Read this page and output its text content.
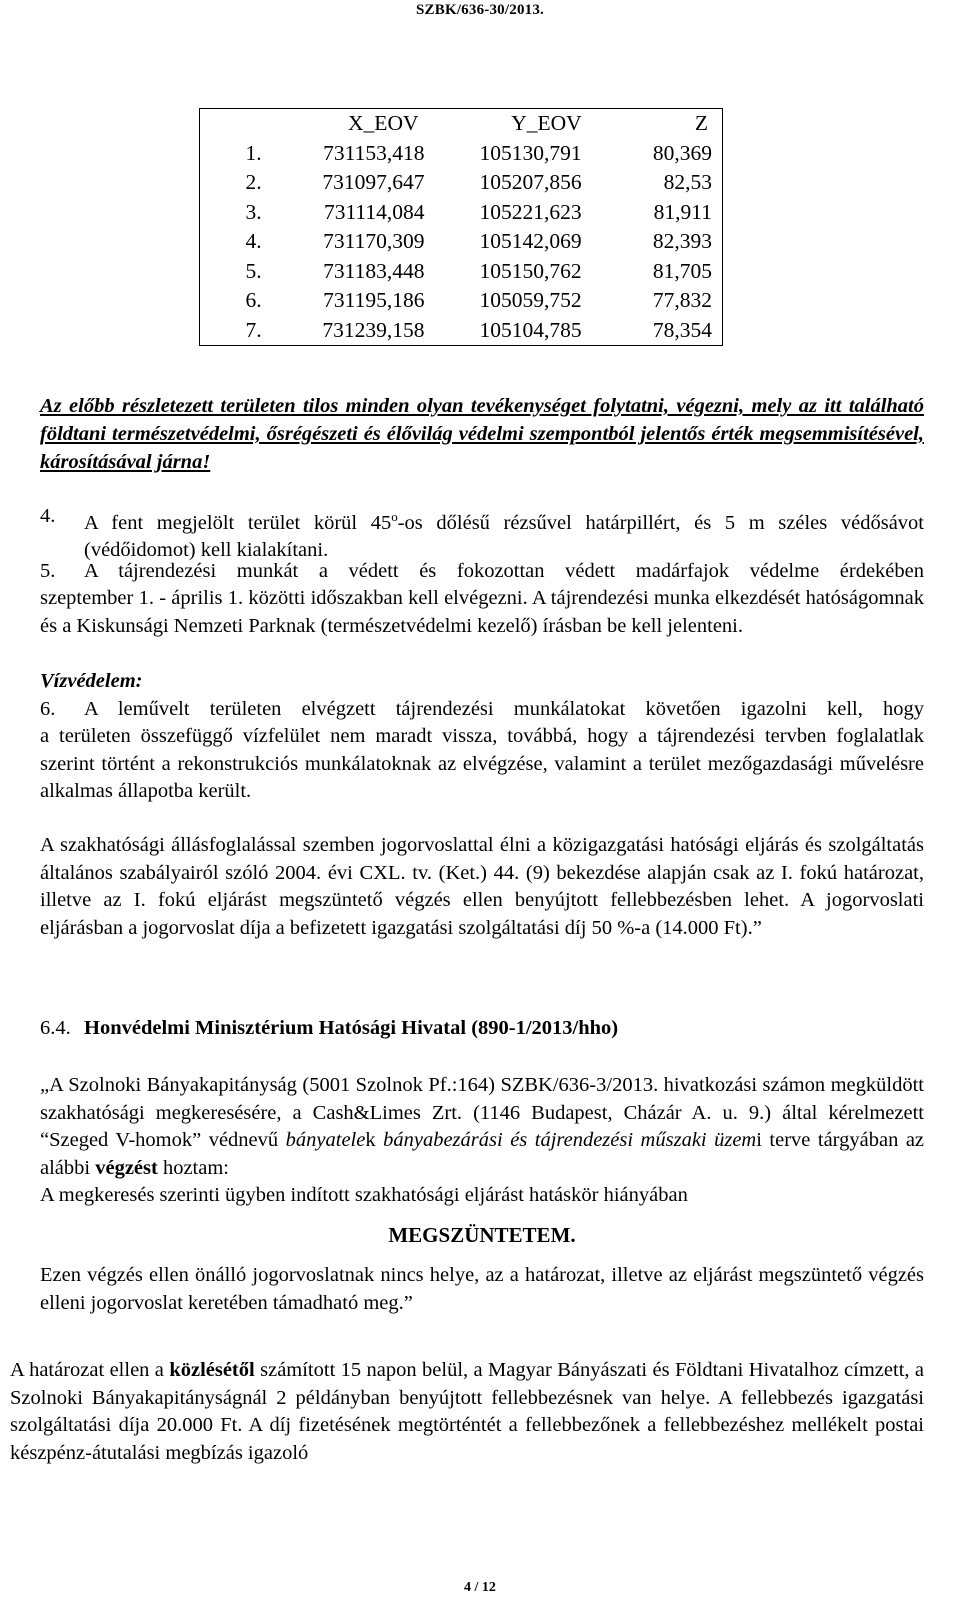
SZBK/636-30/2013.
	X_EOV	Y_EOV	Z
1.	731153,418	105130,791	80,369
2.	731097,647	105207,856	82,53
3.	731114,084	105221,623	81,911
4.	731170,309	105142,069	82,393
5.	731183,448	105150,762	81,705
6.	731195,186	105059,752	77,832
7.	731239,158	105104,785	78,354
Az előbb részletezett területen tilos minden olyan tevékenységet folytatni, végezni, mely az itt található földtani természetvédelmi, ősrégészeti és élővilág védelmi szempontból jelentős érték megsemmisítésével, károsításával járna!
4. A fent megjelölt terület körül 45$^o$-os dőlésű rézsűvel határpillért, és 5 m széles védősávot (védőidomot) kell kialakítani.
5. A tájrendezési munkát a védett és fokozottan védett madárfajok védelme érdekében
szeptember 1. - április 1. közötti időszakban kell elvégezni. A tájrendezési munka elkezdését hatóságomnak és a Kiskunsági Nemzeti Parknak (természetvédelmi kezelő) írásban be kell jelenteni.
Vízvédelem:
6. A leművelt területen elvégzett tájrendezési munkálatokat követően igazolni kell, hogy
a területen összefüggő vízfelület nem maradt vissza, továbbá, hogy a tájrendezési tervben foglalatlak szerint történt a rekonstrukciós munkálatoknak az elvégzése, valamint a terület mezőgazdasági művelésre alkalmas állapotba került.
A szakhatósági állásfoglalással szemben jogorvoslattal élni a közigazgatási hatósági eljárás és szolgáltatás általános szabályairól szóló 2004. évi CXL. tv. (Ket.) 44. (9) bekezdése alapján csak az I. fokú határozat, illetve az I. fokú eljárást megszüntető végzés ellen benyújtott fellebbezésben lehet. A jogorvoslati eljárásban a jogorvoslat díja a befizetett igazgatási szolgáltatási díj 50 %-a (14.000 Ft).”
6.4. Honvédelmi Minisztérium Hatósági Hivatal (890-1/2013/hho)
„A Szolnoki Bányakapitányság (5001 Szolnok Pf.:164) SZBK/636-3/2013. hivatkozási számon megküldött szakhatósági megkeresésére, a Cash&Limes Zrt. (1146 Budapest, Cházár A. u. 9.) által kérelmezett “Szeged V-homok” védnevű bányatelek bányabezárási és tájrendezési műszaki üzemi terve tárgyában az alábbi végzést hoztam:
A megkeresés szerinti ügyben indított szakhatósági eljárást hatáskör hiányában
MEGSZÜNTETEM.
Ezen végzés ellen önálló jogorvoslatnak nincs helye, az a határozat, illetve az eljárást megszüntető végzés elleni jogorvoslat keretében támadható meg.”
A határozat ellen a közlésétől számított 15 napon belül, a Magyar Bányászati és Földtani Hivatalhoz címzett, a Szolnoki Bányakapitányságnál 2 példányban benyújtott fellebbezésnek van helye. A fellebbezés igazgatási szolgáltatási díja 20.000 Ft. A díj fizetésének megtörténtét a fellebbezőnek a fellebbezéshez mellékelt postai készpénz-átutalási megbízás igazoló
4 / 12
